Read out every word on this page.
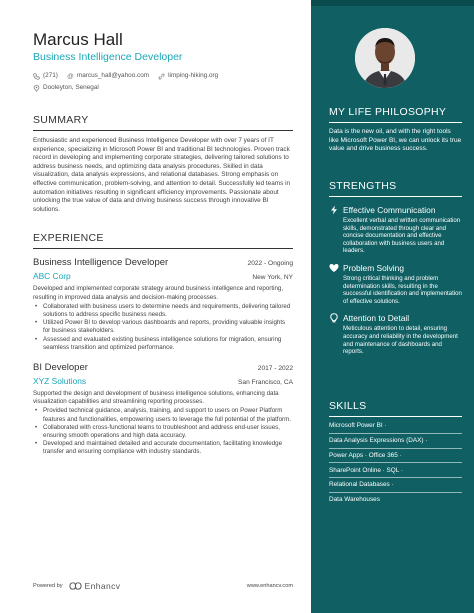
Marcus Hall
Business Intelligence Developer
(271) @ marcus_hall@yahoo.com	limping-hiking.org
Dooleyton, Senegal
SUMMARY
Enthusiastic and experienced Business Intelligence Developer with over 7 years of IT experience, specializing in Microsoft Power BI and traditional BI technologies. Proven track record in developing and implementing corporate strategies, delivering tailored solutions to address business needs, and optimizing data analysis procedures. Skilled in data visualization, data analysis expressions, and relational databases. Strong emphasis on effective communication, problem-solving, and attention to detail. Successfully led teams in automation initiatives resulting in significant efficiency improvements. Passionate about unlocking the true value of data and driving business success through innovative BI solutions.
EXPERIENCE
Business Intelligence Developer	2022 - Ongoing
ABC Corp	New York, NY
Developed and implemented corporate strategy around business intelligence and reporting, resulting in improved data analysis and decision-making processes.
• Collaborated with business users to determine needs and requirements, delivering tailored solutions to address specific business needs.
• Utilized Power BI to develop various dashboards and reports, providing valuable insights for business stakeholders.
• Assessed and evaluated existing business intelligence solutions for migration, ensuring seamless transition and optimized performance.
BI Developer	2017 - 2022
XYZ Solutions	San Francisco, CA
Supported the design and development of business intelligence solutions, enhancing data visualization capabilities and streamlining reporting processes.
• Provided technical guidance, analysis, training, and support to users on Power Platform features and functionalities, empowering users to leverage the full potential of the platform.
• Collaborated with cross-functional teams to troubleshoot and address end-user issues, ensuring smooth operations and high data accuracy.
• Developed and maintained detailed and accurate documentation, facilitating knowledge transfer and ensuring compliance with industry standards.
Powered by	Enhancv	www.enhancv.com
MY LIFE PHILOSOPHY
Data is the new oil, and with the right tools like Microsoft Power BI, we can unlock its true value and drive business success.
STRENGTHS
Effective Communication
Excellent verbal and written communication skills, demonstrated through clear and concise documentation and effective collaboration with business users and leaders.
Problem Solving
Strong critical thinking and problem determination skills, resulting in the successful identification and implementation of effective solutions.
Attention to Detail
Meticulous attention to detail, ensuring accuracy and reliability in the development and maintenance of dashboards and reports.
SKILLS
Microsoft Power BI ·
Data Analysis Expressions (DAX) ·
Power Apps · Office 365 ·
SharePoint Online · SQL ·
Relational Databases ·
Data Warehouses
